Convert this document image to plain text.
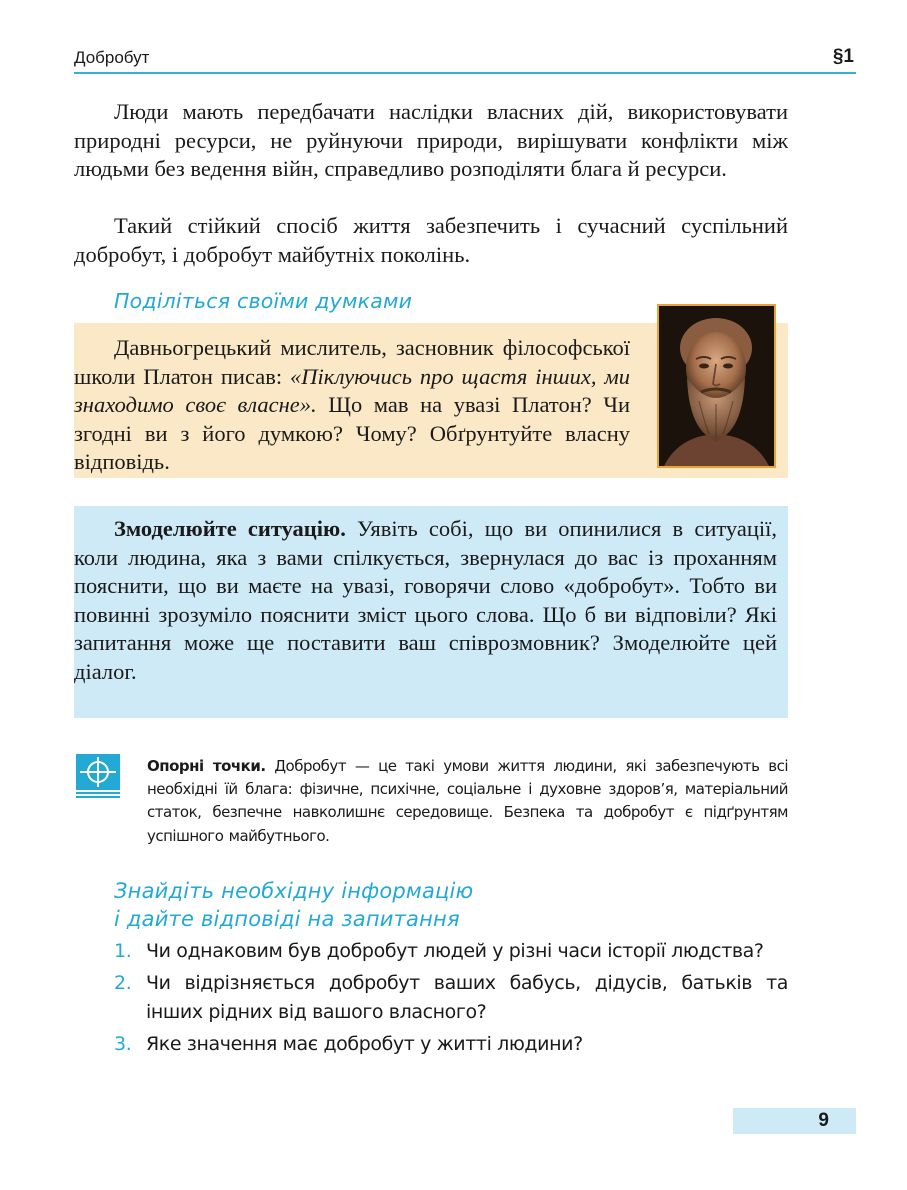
Добробут	§1

Люди мають передбачати наслідки власних дій, використовувати природні ресурси, не руйнуючи природи, вирішувати конфлікти між людьми без ведення війн, справедливо розподіляти блага й ресурси.

Такий стійкий спосіб життя забезпечить і сучасний суспільний добробут, і добробут майбутніх поколінь.

Поділіться своїми думками

Давньогрецький мислитель, засновник філософської школи Платон писав: «Піклуючись про щастя інших, ми знаходимо своє власне». Що мав на увазі Платон? Чи згодні ви з його думкою? Чому? Обґрунтуйте власну відповідь.

Змоделюйте ситуацію. Уявіть собі, що ви опинилися в ситуації, коли людина, яка з вами спілкується, звернулася до вас із проханням пояснити, що ви маєте на увазі, говорячи слово «добробут». Тобто ви повинні зрозуміло пояснити зміст цього слова. Що б ви відповіли? Які запитання може ще поставити ваш співрозмовник? Змоделюйте цей діалог.

Опорні точки. Добробут — це такі умови життя людини, які забезпечують всі необхідні їй блага: фізичне, психічне, соціальне і духовне здоров’я, матеріальний статок, безпечне навколишнє середовище. Безпека та добробут є підґрунтям успішного майбутнього.

Знайдіть необхідну інформацію
і дайте відповіді на запитання
1. Чи однаковим був добробут людей у різні часи історії людства?
2. Чи відрізняється добробут ваших бабусь, дідусів, батьків та інших рідних від вашого власного?
3. Яке значення має добробут у житті людини?
9
